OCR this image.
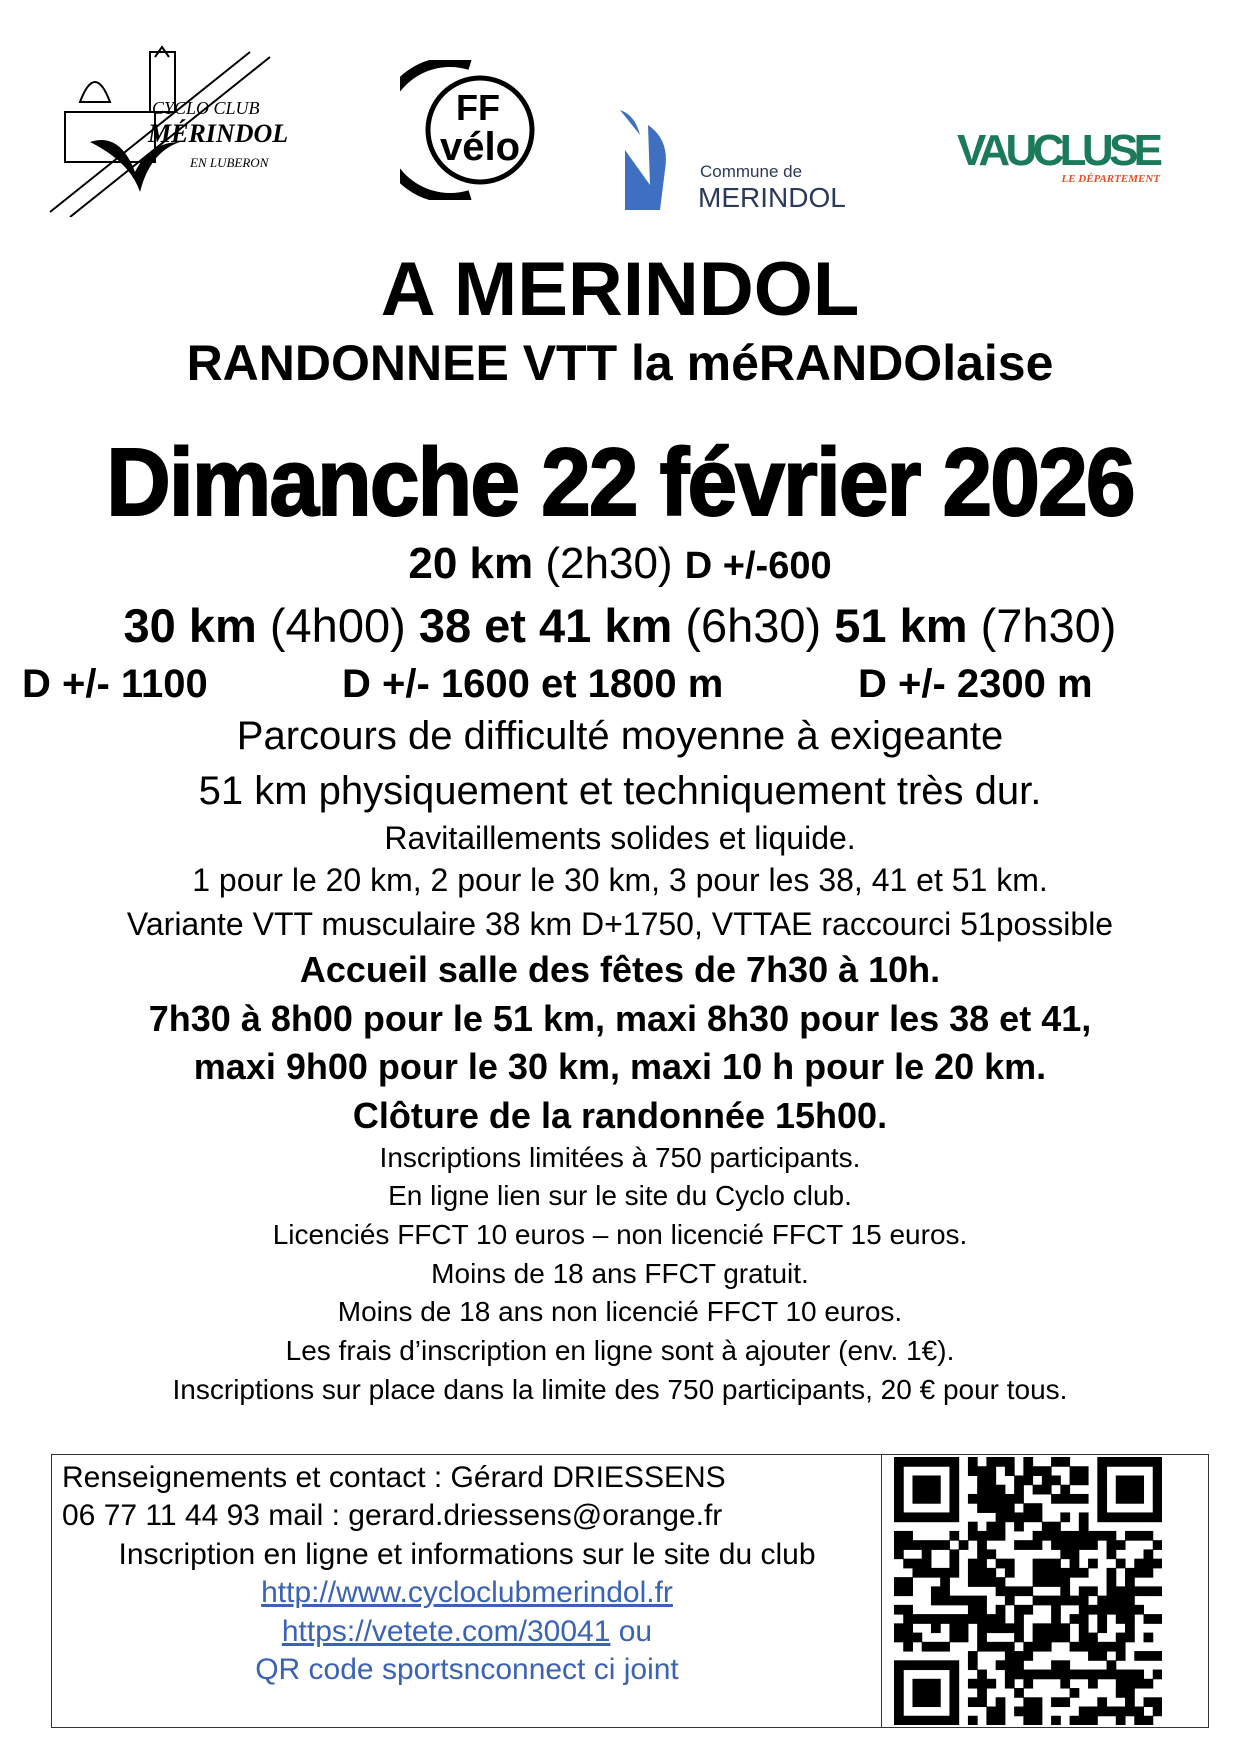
CYCLO CLUB
MÉRINDOL
EN LUBERON
FF
vélo
Commune de
MERINDOL
VAUCLUSE
LE DÉPARTEMENT
A MERINDOL
RANDONNEE VTT la méRANDOlaise
Dimanche 22 février 2026
20 km (2h30) D +/-600
30 km (4h00) 38 et 41 km (6h30) 51 km (7h30)
D +/- 1100	D +/- 1600 et 1800 m	D +/- 2300 m
Parcours de difficulté moyenne à exigeante
51 km physiquement et techniquement très dur.
Ravitaillements solides et liquide.
1 pour le 20 km, 2 pour le 30 km, 3 pour les 38, 41 et 51 km.
Variante VTT musculaire 38 km D+1750, VTTAE raccourci 51possible
Accueil salle des fêtes de 7h30 à 10h.
7h30 à 8h00 pour le 51 km, maxi 8h30 pour les 38 et 41,
maxi 9h00 pour le 30 km, maxi 10 h pour le 20 km.
Clôture de la randonnée 15h00.
Inscriptions limitées à 750 participants.
En ligne lien sur le site du Cyclo club.
Licenciés FFCT 10 euros – non licencié FFCT 15 euros.
Moins de 18 ans FFCT gratuit.
Moins de 18 ans non licencié FFCT 10 euros.
Les frais d’inscription en ligne sont à ajouter (env. 1€).
Inscriptions sur place dans la limite des 750 participants, 20 € pour tous.
Renseignements et contact : Gérard DRIESSENS
06 77 11 44 93 mail : gerard.driessens@orange.fr
Inscription en ligne et informations sur le site du club
http://www.cycloclubmerindol.fr
https://vetete.com/30041 ou
QR code sportsnconnect ci joint
